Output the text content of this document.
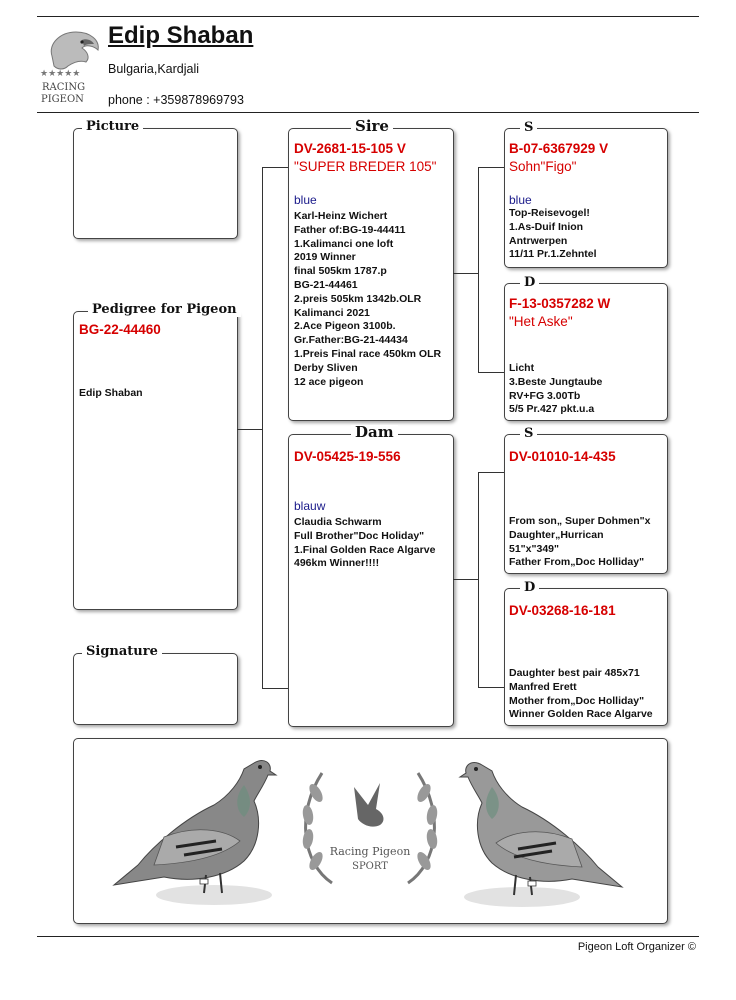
★★★★★
RACING
PIGEON
Edip Shaban
Bulgaria,Kardjali
phone : +359878969793
Picture
BG-22-44460
Edip Shaban
Pedigree for Pigeon
Signature
DV-2681-15-105 V
"SUPER BREDER 105"
blue
Karl-Heinz Wichert
Father of:BG-19-44411
1.Kalimanci one loft
2019 Winner
final 505km 1787.p
BG-21-44461
2.preis 505km 1342b.OLR
Kalimanci 2021
2.Ace Pigeon 3100b.
Gr.Father:BG-21-44434
1.Preis Final race 450km OLR
Derby Sliven
12 ace pigeon
Sire
DV-05425-19-556
blauw
Claudia Schwarm
Full Brother"Doc Holiday"
1.Final Golden Race Algarve
496km Winner!!!!
Dam
B-07-6367929 V
Sohn"Figo"
blue
Top-Reisevogel!
1.As-Duif Inion
Antrwerpen
11/11 Pr.1.Zehntel
S
F-13-0357282 W
"Het Aske"
Licht
3.Beste Jungtaube
RV+FG 3.00Tb
5/5 Pr.427 pkt.u.a
D
DV-01010-14-435
From son„ Super Dohmen"x
Daughter„Hurrican
51"x"349"
Father From„Doc Holliday"
S
DV-03268-16-181
Daughter best pair 485x71
Manfred Erett
Mother from„Doc Holliday"
Winner Golden Race Algarve
D
Racing Pigeon
SPORT
Pigeon Loft Organizer ©
